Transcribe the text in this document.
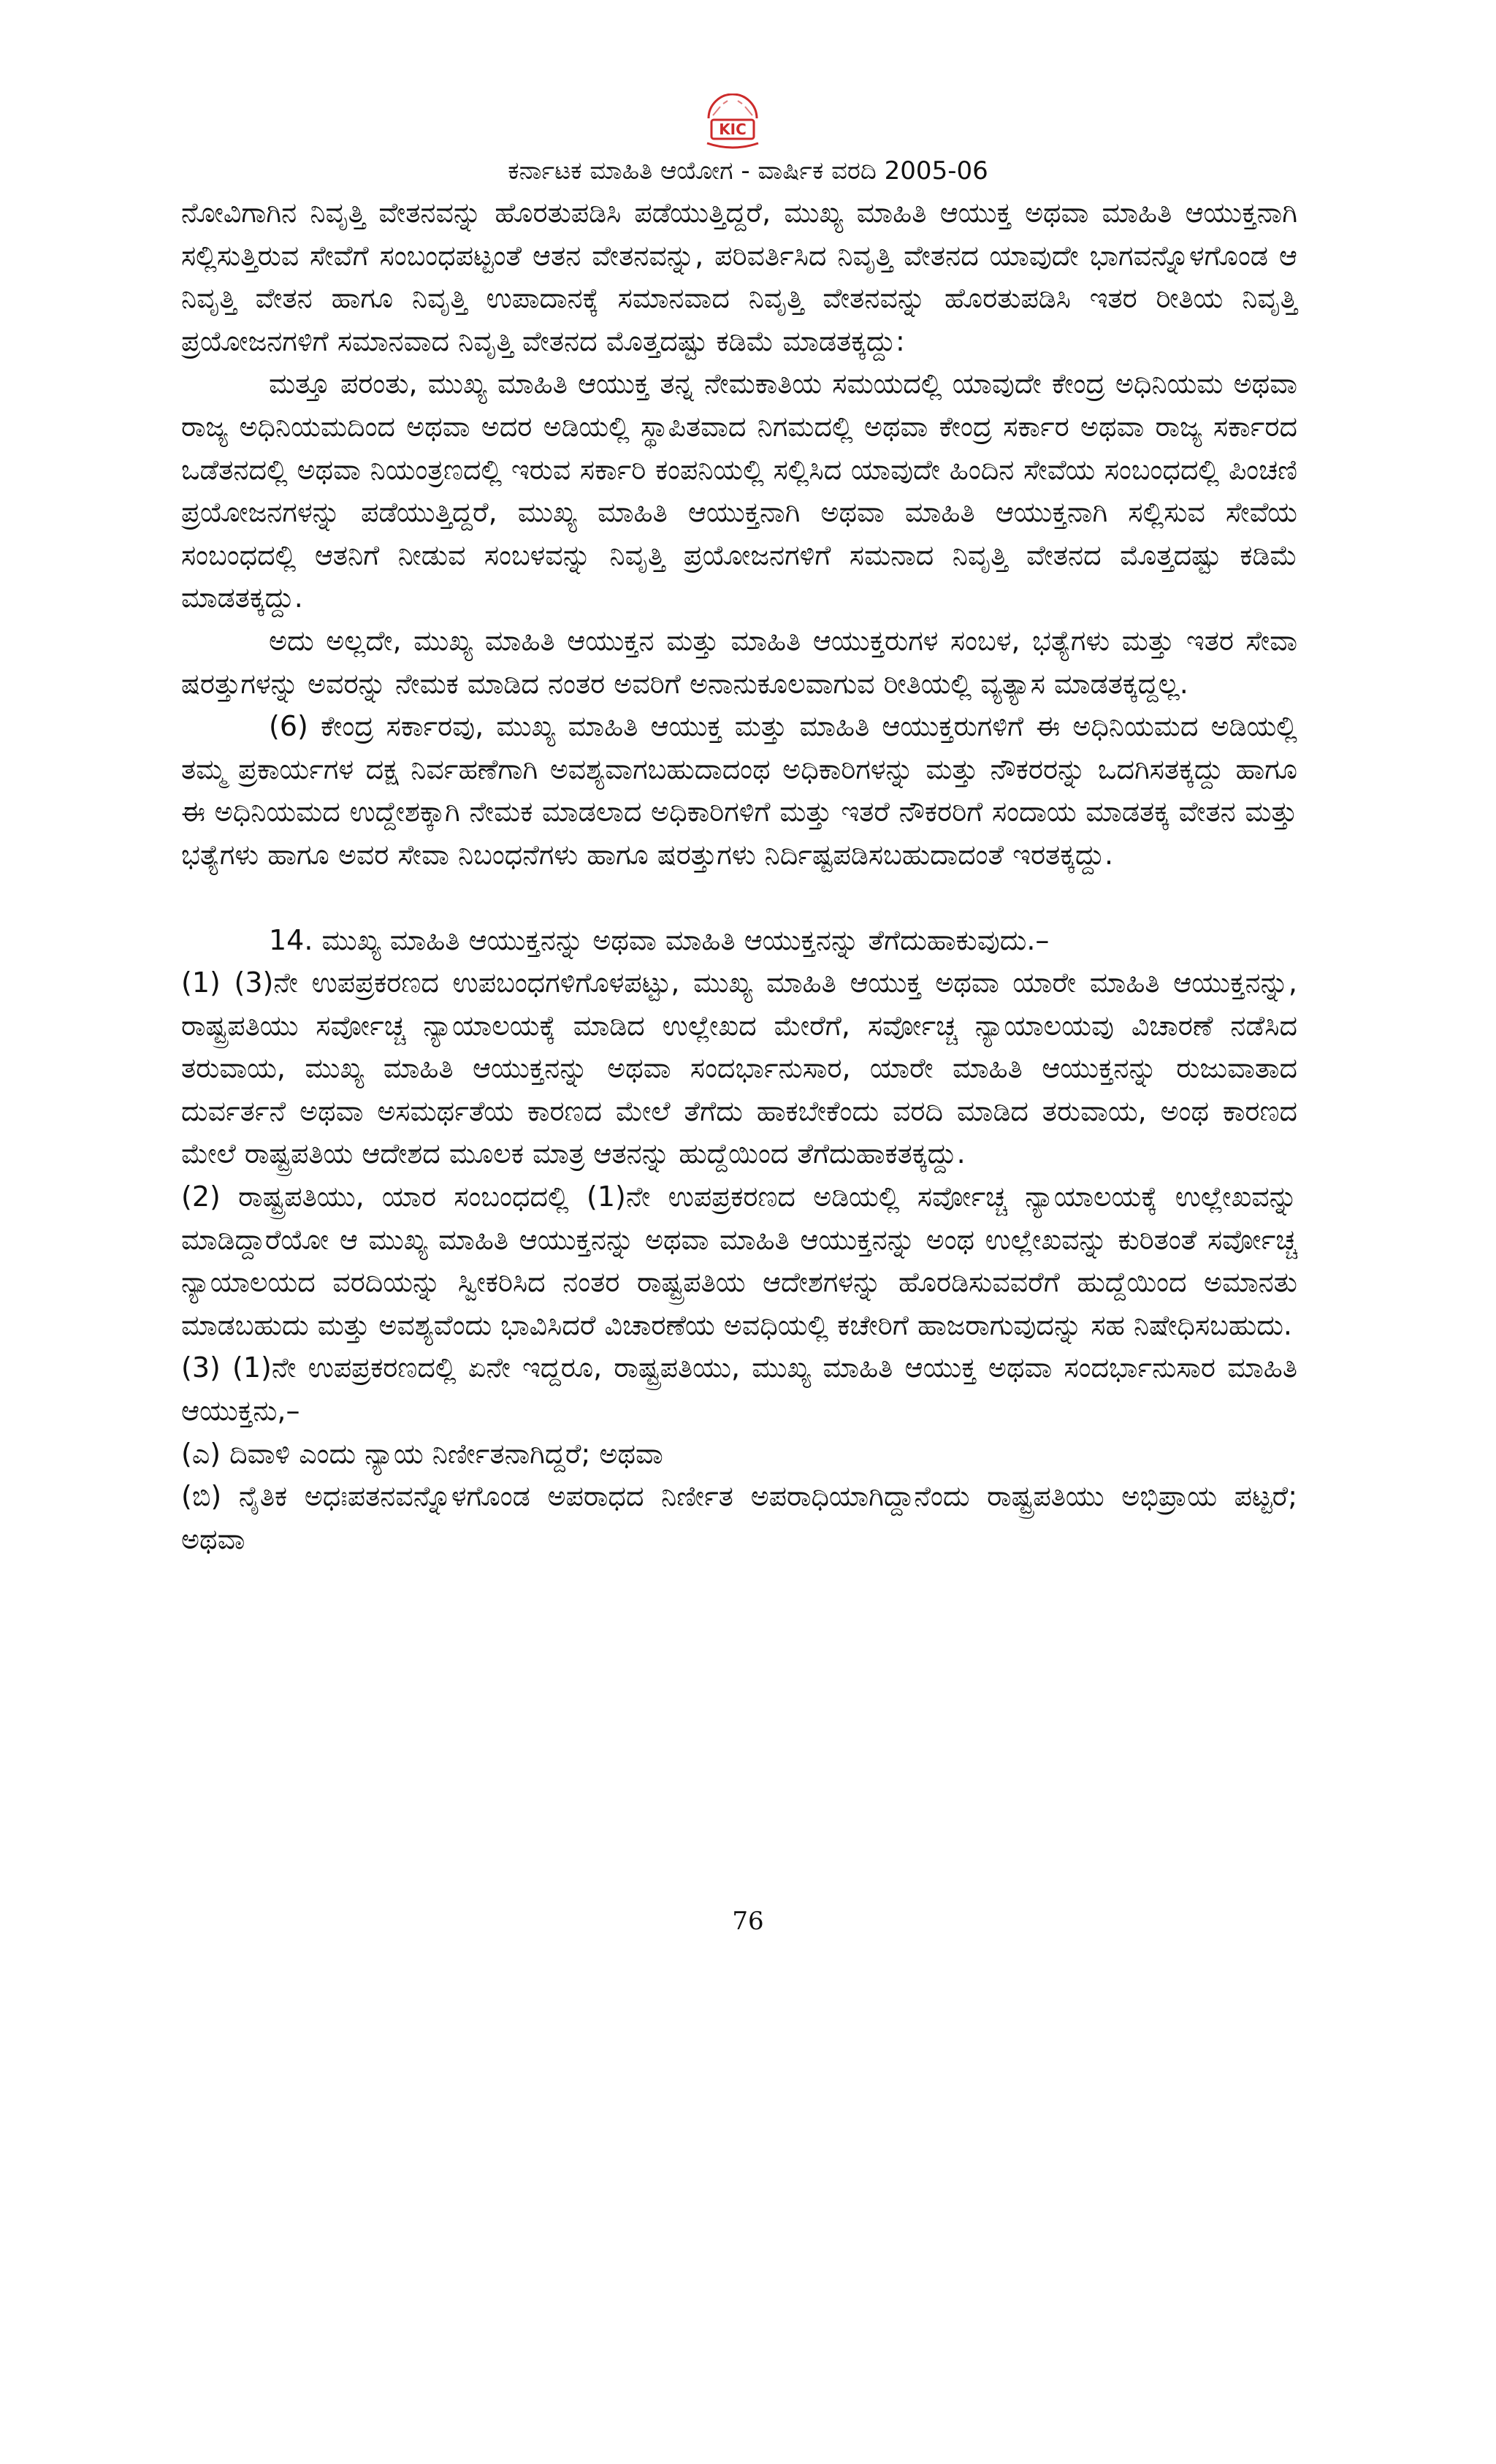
KIC
ಕರ್ನಾಟಕ ಮಾಹಿತಿ ಆಯೋಗ - ವಾರ್ಷಿಕ ವರದಿ 2005-06

ನೋವಿಗಾಗಿನ ನಿವೃತ್ತಿ ವೇತನವನ್ನು ಹೊರತುಪಡಿಸಿ ಪಡೆಯುತ್ತಿದ್ದರೆ, ಮುಖ್ಯ ಮಾಹಿತಿ ಆಯುಕ್ತ ಅಥವಾ ಮಾಹಿತಿ ಆಯುಕ್ತನಾಗಿ ಸಲ್ಲಿಸುತ್ತಿರುವ ಸೇವೆಗೆ ಸಂಬಂಧಪಟ್ಟಂತೆ ಆತನ ವೇತನವನ್ನು, ಪರಿವರ್ತಿಸಿದ ನಿವೃತ್ತಿ ವೇತನದ ಯಾವುದೇ ಭಾಗವನ್ನೊಳಗೊಂಡ ಆ ನಿವೃತ್ತಿ ವೇತನ ಹಾಗೂ ನಿವೃತ್ತಿ ಉಪಾದಾನಕ್ಕೆ ಸಮಾನವಾದ ನಿವೃತ್ತಿ ವೇತನವನ್ನು ಹೊರತುಪಡಿಸಿ ಇತರ ರೀತಿಯ ನಿವೃತ್ತಿ ಪ್ರಯೋಜನಗಳಿಗೆ ಸಮಾನವಾದ ನಿವೃತ್ತಿ ವೇತನದ ಮೊತ್ತದಷ್ಟು ಕಡಿಮೆ ಮಾಡತಕ್ಕದ್ದು:

ಮತ್ತೂ ಪರಂತು, ಮುಖ್ಯ ಮಾಹಿತಿ ಆಯುಕ್ತ ತನ್ನ ನೇಮಕಾತಿಯ ಸಮಯದಲ್ಲಿ ಯಾವುದೇ ಕೇಂದ್ರ ಅಧಿನಿಯಮ ಅಥವಾ ರಾಜ್ಯ ಅಧಿನಿಯಮದಿಂದ ಅಥವಾ ಅದರ ಅಡಿಯಲ್ಲಿ ಸ್ಥಾಪಿತವಾದ ನಿಗಮದಲ್ಲಿ ಅಥವಾ ಕೇಂದ್ರ ಸರ್ಕಾರ ಅಥವಾ ರಾಜ್ಯ ಸರ್ಕಾರದ ಒಡೆತನದಲ್ಲಿ ಅಥವಾ ನಿಯಂತ್ರಣದಲ್ಲಿ ಇರುವ ಸರ್ಕಾರಿ ಕಂಪನಿಯಲ್ಲಿ ಸಲ್ಲಿಸಿದ ಯಾವುದೇ ಹಿಂದಿನ ಸೇವೆಯ ಸಂಬಂಧದಲ್ಲಿ ಪಿಂಚಣಿ ಪ್ರಯೋಜನಗಳನ್ನು ಪಡೆಯುತ್ತಿದ್ದರೆ, ಮುಖ್ಯ ಮಾಹಿತಿ ಆಯುಕ್ತನಾಗಿ ಅಥವಾ ಮಾಹಿತಿ ಆಯುಕ್ತನಾಗಿ ಸಲ್ಲಿಸುವ ಸೇವೆಯ ಸಂಬಂಧದಲ್ಲಿ ಆತನಿಗೆ ನೀಡುವ ಸಂಬಳವನ್ನು ನಿವೃತ್ತಿ ಪ್ರಯೋಜನಗಳಿಗೆ ಸಮನಾದ ನಿವೃತ್ತಿ ವೇತನದ ಮೊತ್ತದಷ್ಟು ಕಡಿಮೆ ಮಾಡತಕ್ಕದ್ದು.

ಅದು ಅಲ್ಲದೇ, ಮುಖ್ಯ ಮಾಹಿತಿ ಆಯುಕ್ತನ ಮತ್ತು ಮಾಹಿತಿ ಆಯುಕ್ತರುಗಳ ಸಂಬಳ, ಭತ್ಯೆಗಳು ಮತ್ತು ಇತರ ಸೇವಾ ಷರತ್ತುಗಳನ್ನು ಅವರನ್ನು ನೇಮಕ ಮಾಡಿದ ನಂತರ ಅವರಿಗೆ ಅನಾನುಕೂಲವಾಗುವ ರೀತಿಯಲ್ಲಿ ವ್ಯತ್ಯಾಸ ಮಾಡತಕ್ಕದ್ದಲ್ಲ.

(6) ಕೇಂದ್ರ ಸರ್ಕಾರವು, ಮುಖ್ಯ ಮಾಹಿತಿ ಆಯುಕ್ತ ಮತ್ತು ಮಾಹಿತಿ ಆಯುಕ್ತರುಗಳಿಗೆ ಈ ಅಧಿನಿಯಮದ ಅಡಿಯಲ್ಲಿ ತಮ್ಮ ಪ್ರಕಾರ್ಯಗಳ ದಕ್ಷ ನಿರ್ವಹಣೆಗಾಗಿ ಅವಶ್ಯವಾಗಬಹುದಾದಂಥ ಅಧಿಕಾರಿಗಳನ್ನು ಮತ್ತು ನೌಕರರನ್ನು ಒದಗಿಸತಕ್ಕದ್ದು ಹಾಗೂ ಈ ಅಧಿನಿಯಮದ ಉದ್ದೇಶಕ್ಕಾಗಿ ನೇಮಕ ಮಾಡಲಾದ ಅಧಿಕಾರಿಗಳಿಗೆ ಮತ್ತು ಇತರೆ ನೌಕರರಿಗೆ ಸಂದಾಯ ಮಾಡತಕ್ಕ ವೇತನ ಮತ್ತು ಭತ್ಯೆಗಳು ಹಾಗೂ ಅವರ ಸೇವಾ ನಿಬಂಧನೆಗಳು ಹಾಗೂ ಷರತ್ತುಗಳು ನಿರ್ದಿಷ್ಟಪಡಿಸಬಹುದಾದಂತೆ ಇರತಕ್ಕದ್ದು.

14. ಮುಖ್ಯ ಮಾಹಿತಿ ಆಯುಕ್ತನನ್ನು ಅಥವಾ ಮಾಹಿತಿ ಆಯುಕ್ತನನ್ನು ತೆಗೆದುಹಾಕುವುದು.–

(1) (3)ನೇ ಉಪಪ್ರಕರಣದ ಉಪಬಂಧಗಳಿಗೊಳಪಟ್ಟು, ಮುಖ್ಯ ಮಾಹಿತಿ ಆಯುಕ್ತ ಅಥವಾ ಯಾರೇ ಮಾಹಿತಿ ಆಯುಕ್ತನನ್ನು, ರಾಷ್ಟ್ರಪತಿಯು ಸರ್ವೋಚ್ಚ ನ್ಯಾಯಾಲಯಕ್ಕೆ ಮಾಡಿದ ಉಲ್ಲೇಖದ ಮೇರೆಗೆ, ಸರ್ವೋಚ್ಚ ನ್ಯಾಯಾಲಯವು ವಿಚಾರಣೆ ನಡೆಸಿದ ತರುವಾಯ, ಮುಖ್ಯ ಮಾಹಿತಿ ಆಯುಕ್ತನನ್ನು ಅಥವಾ ಸಂದರ್ಭಾನುಸಾರ, ಯಾರೇ ಮಾಹಿತಿ ಆಯುಕ್ತನನ್ನು ರುಜುವಾತಾದ ದುರ್ವರ್ತನೆ ಅಥವಾ ಅಸಮರ್ಥತೆಯ ಕಾರಣದ ಮೇಲೆ ತೆಗೆದು ಹಾಕಬೇಕೆಂದು ವರದಿ ಮಾಡಿದ ತರುವಾಯ, ಅಂಥ ಕಾರಣದ ಮೇಲೆ ರಾಷ್ಟ್ರಪತಿಯ ಆದೇಶದ ಮೂಲಕ ಮಾತ್ರ ಆತನನ್ನು ಹುದ್ದೆಯಿಂದ ತೆಗೆದುಹಾಕತಕ್ಕದ್ದು.

(2) ರಾಷ್ಟ್ರಪತಿಯು, ಯಾರ ಸಂಬಂಧದಲ್ಲಿ (1)ನೇ ಉಪಪ್ರಕರಣದ ಅಡಿಯಲ್ಲಿ ಸರ್ವೋಚ್ಚ ನ್ಯಾಯಾಲಯಕ್ಕೆ ಉಲ್ಲೇಖವನ್ನು ಮಾಡಿದ್ದಾರೆಯೋ ಆ ಮುಖ್ಯ ಮಾಹಿತಿ ಆಯುಕ್ತನನ್ನು ಅಥವಾ ಮಾಹಿತಿ ಆಯುಕ್ತನನ್ನು ಅಂಥ ಉಲ್ಲೇಖವನ್ನು ಕುರಿತಂತೆ ಸರ್ವೋಚ್ಚ ನ್ಯಾಯಾಲಯದ ವರದಿಯನ್ನು ಸ್ವೀಕರಿಸಿದ ನಂತರ ರಾಷ್ಟ್ರಪತಿಯ ಆದೇಶಗಳನ್ನು ಹೊರಡಿಸುವವರೆಗೆ ಹುದ್ದೆಯಿಂದ ಅಮಾನತು ಮಾಡಬಹುದು ಮತ್ತು ಅವಶ್ಯವೆಂದು ಭಾವಿಸಿದರೆ ವಿಚಾರಣೆಯ ಅವಧಿಯಲ್ಲಿ ಕಚೇರಿಗೆ ಹಾಜರಾಗುವುದನ್ನು ಸಹ ನಿಷೇಧಿಸಬಹುದು.

(3) (1)ನೇ ಉಪಪ್ರಕರಣದಲ್ಲಿ ಏನೇ ಇದ್ದರೂ, ರಾಷ್ಟ್ರಪತಿಯು, ಮುಖ್ಯ ಮಾಹಿತಿ ಆಯುಕ್ತ ಅಥವಾ ಸಂದರ್ಭಾನುಸಾರ ಮಾಹಿತಿ ಆಯುಕ್ತನು,–

(ಎ) ದಿವಾಳಿ ಎಂದು ನ್ಯಾಯ ನಿರ್ಣೀತನಾಗಿದ್ದರೆ; ಅಥವಾ

(ಬಿ) ನೈತಿಕ ಅಧಃಪತನವನ್ನೊಳಗೊಂಡ ಅಪರಾಧದ ನಿರ್ಣೀತ ಅಪರಾಧಿಯಾಗಿದ್ದಾನೆಂದು ರಾಷ್ಟ್ರಪತಿಯು ಅಭಿಪ್ರಾಯ ಪಟ್ಟರೆ; ಅಥವಾ

76
